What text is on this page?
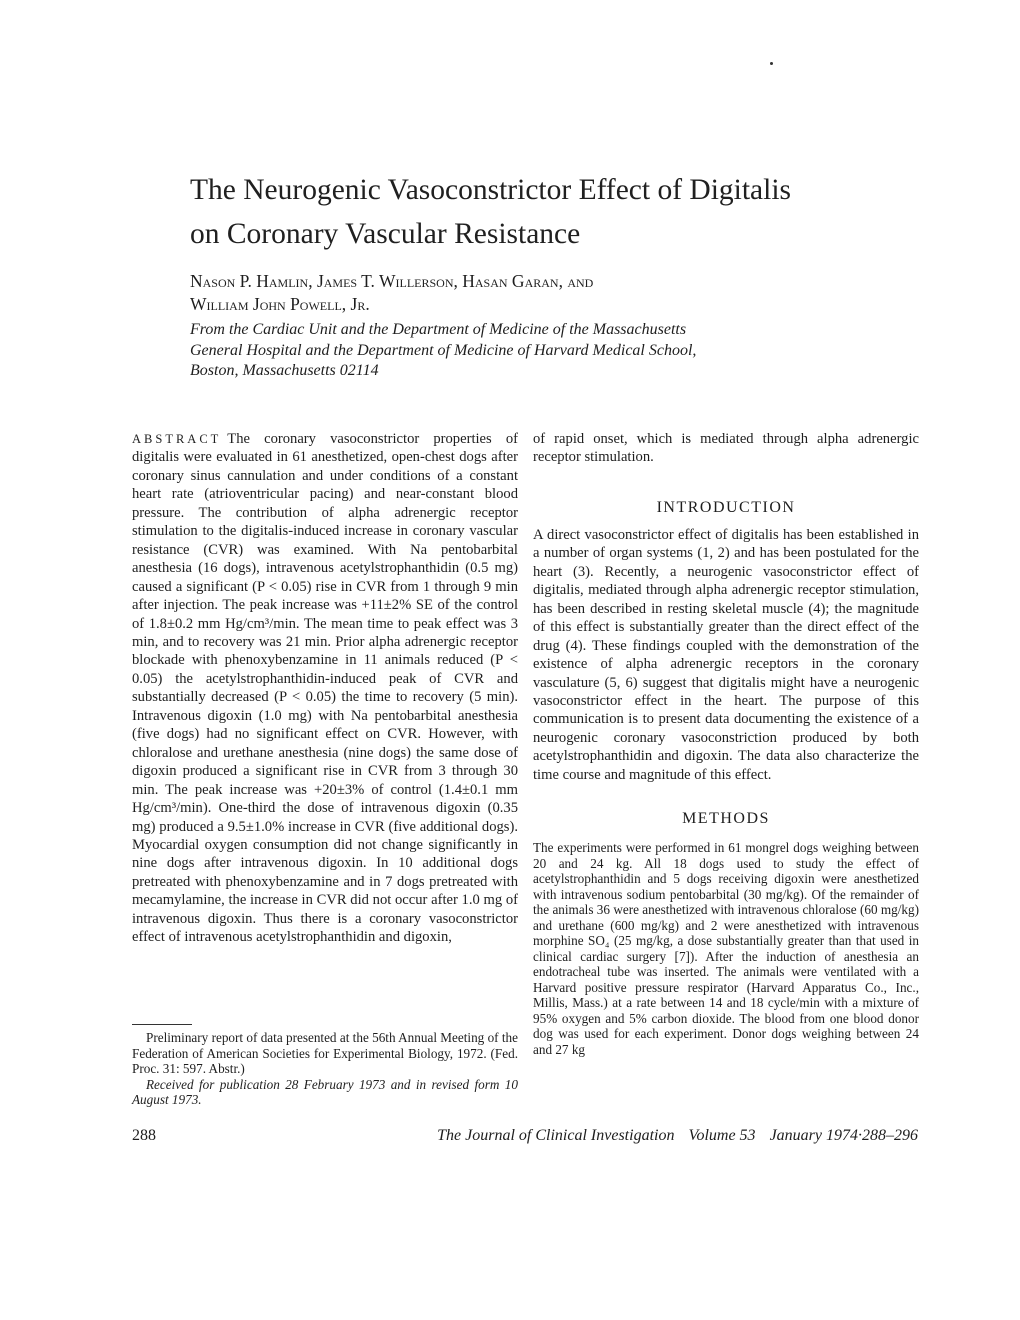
The Neurogenic Vasoconstrictor Effect of Digitalis
on Coronary Vascular Resistance

Nason P. Hamlin, James T. Willerson, Hasan Garan, and
William John Powell, Jr.

From the Cardiac Unit and the Department of Medicine of the Massachusetts
General Hospital and the Department of Medicine of Harvard Medical School,
Boston, Massachusetts 02114

ABSTRACT The coronary vasoconstrictor properties of digitalis were evaluated in 61 anesthetized, open-chest dogs after coronary sinus cannulation and under conditions of a constant heart rate (atrioventricular pacing) and near-constant blood pressure. The contribution of alpha adrenergic receptor stimulation to the digitalis-induced increase in coronary vascular resistance (CVR) was examined. With Na pentobarbital anesthesia (16 dogs), intravenous acetylstrophanthidin (0.5 mg) caused a significant (P < 0.05) rise in CVR from 1 through 9 min after injection. The peak increase was +11±2% SE of the control of 1.8±0.2 mm Hg/cm³/min. The mean time to peak effect was 3 min, and to recovery was 21 min. Prior alpha adrenergic receptor blockade with phenoxybenzamine in 11 animals reduced (P < 0.05) the acetylstrophanthidin-induced peak of CVR and substantially decreased (P < 0.05) the time to recovery (5 min). Intravenous digoxin (1.0 mg) with Na pentobarbital anesthesia (five dogs) had no significant effect on CVR. However, with chloralose and urethane anesthesia (nine dogs) the same dose of digoxin produced a significant rise in CVR from 3 through 30 min. The peak increase was +20±3% of control (1.4±0.1 mm Hg/cm³/min). One-third the dose of intravenous digoxin (0.35 mg) produced a 9.5±1.0% increase in CVR (five additional dogs). Myocardial oxygen consumption did not change significantly in nine dogs after intravenous digoxin. In 10 additional dogs pretreated with phenoxybenzamine and in 7 dogs pretreated with mecamylamine, the increase in CVR did not occur after 1.0 mg of intravenous digoxin. Thus there is a coronary vasoconstrictor effect of intravenous acetylstrophanthidin and digoxin,

Preliminary report of data presented at the 56th Annual Meeting of the Federation of American Societies for Experimental Biology, 1972. (Fed. Proc. 31: 597. Abstr.)

Received for publication 28 February 1973 and in revised form 10 August 1973.

of rapid onset, which is mediated through alpha adrenergic receptor stimulation.

INTRODUCTION

A direct vasoconstrictor effect of digitalis has been established in a number of organ systems (1, 2) and has been postulated for the heart (3). Recently, a neurogenic vasoconstrictor effect of digitalis, mediated through alpha adrenergic receptor stimulation, has been described in resting skeletal muscle (4); the magnitude of this effect is substantially greater than the direct effect of the drug (4). These findings coupled with the demonstration of the existence of alpha adrenergic receptors in the coronary vasculature (5, 6) suggest that digitalis might have a neurogenic vasoconstrictor effect in the heart. The purpose of this communication is to present data documenting the existence of a neurogenic coronary vasoconstriction produced by both acetylstrophanthidin and digoxin. The data also characterize the time course and magnitude of this effect.

METHODS

The experiments were performed in 61 mongrel dogs weighing between 20 and 24 kg. All 18 dogs used to study the effect of acetylstrophanthidin and 5 dogs receiving digoxin were anesthetized with intravenous sodium pentobarbital (30 mg/kg). Of the remainder of the animals 36 were anesthetized with intravenous chloralose (60 mg/kg) and urethane (600 mg/kg) and 2 were anesthetized with intravenous morphine SO₄ (25 mg/kg, a dose substantially greater than that used in clinical cardiac surgery [7]). After the induction of anesthesia an endotracheal tube was inserted. The animals were ventilated with a Harvard positive pressure respirator (Harvard Apparatus Co., Inc., Millis, Mass.) at a rate between 14 and 18 cycle/min with a mixture of 95% oxygen and 5% carbon dioxide. The blood from one blood donor dog was used for each experiment. Donor dogs weighing between 24 and 27 kg

288	The Journal of Clinical Investigation Volume 53 January 1974·288–296
